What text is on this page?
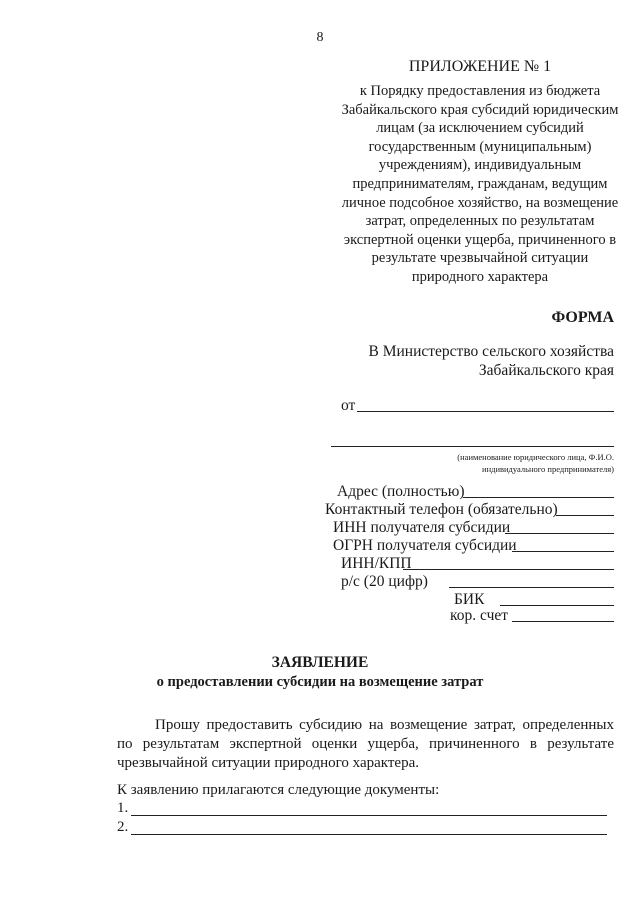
8
ПРИЛОЖЕНИЕ № 1
к Порядку предоставления из бюджета Забайкальского края субсидий юридическим лицам (за исключением субсидий государственным (муниципальным) учреждениям), индивидуальным предпринимателям, гражданам, ведущим личное подсобное хозяйство, на возмещение затрат, определенных по результатам экспертной оценки ущерба, причиненного в результате чрезвычайной ситуации природного характера
ФОРМА
В Министерство сельского хозяйства
Забайкальского края
от
(наименование юридического лица, Ф.И.О.
индивидуального предпринимателя)
Адрес (полностью)
Контактный телефон (обязательно)
ИНН получателя субсидии
ОГРН получателя субсидии
ИНН/КПП
р/с (20 цифр)
БИК
кор. счет
ЗАЯВЛЕНИЕ
о предоставлении субсидии на возмещение затрат
Прошу предоставить субсидию на возмещение затрат, определенных по результатам экспертной оценки ущерба, причиненного в результате чрезвычайной ситуации природного характера.
К заявлению прилагаются следующие документы:
1.
2.
